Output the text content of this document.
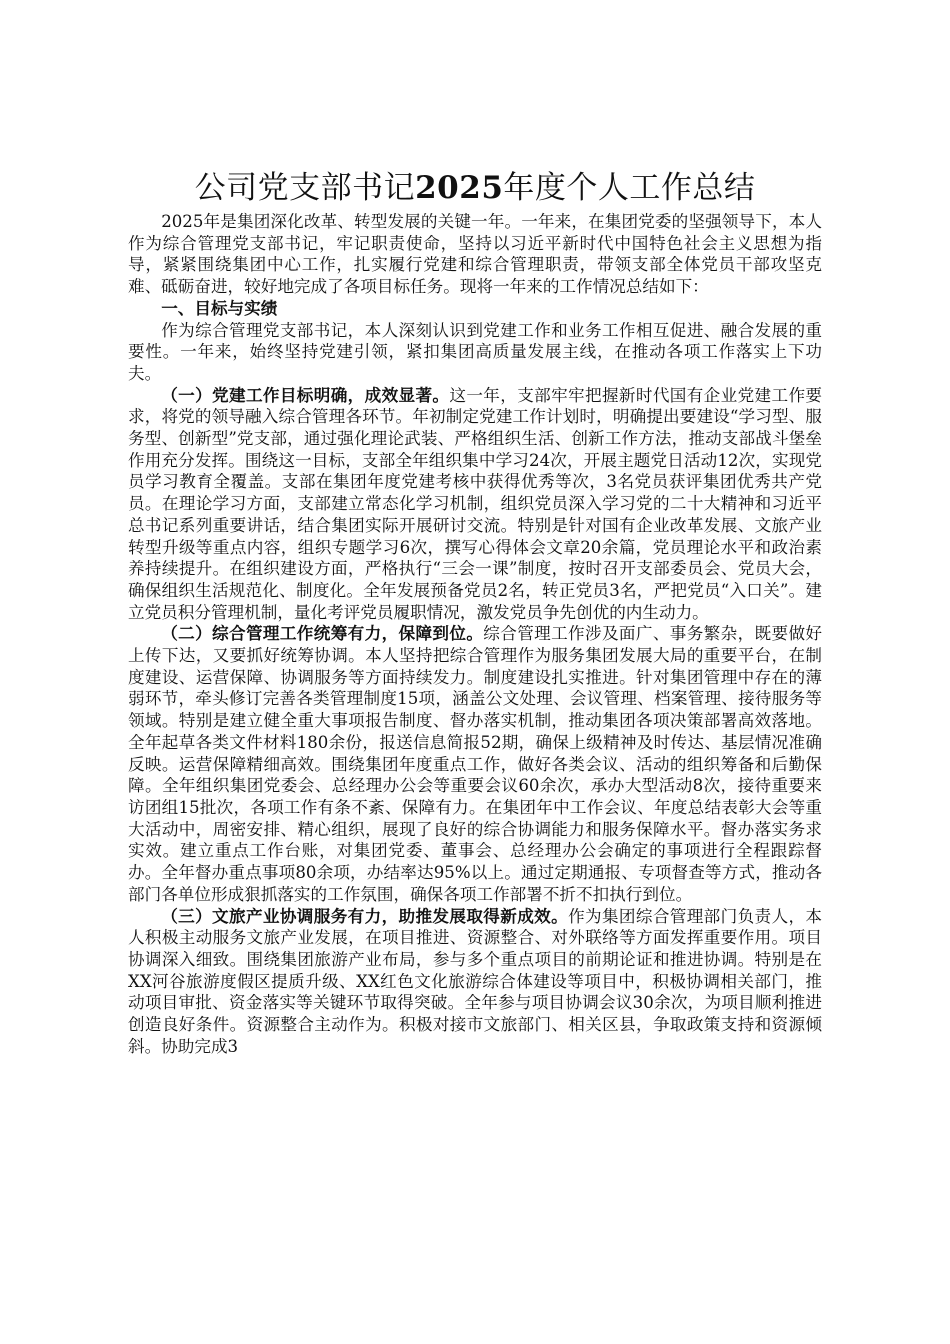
公司党支部书记2025年度个人工作总结

2025年是集团深化改革、转型发展的关键一年。一年来，在集团党委的坚强领导下，本人作为综合管理党支部书记，牢记职责使命，坚持以习近平新时代中国特色社会主义思想为指导，紧紧围绕集团中心工作，扎实履行党建和综合管理职责，带领支部全体党员干部攻坚克难、砥砺奋进，较好地完成了各项目标任务。现将一年来的工作情况总结如下：

一、目标与实绩

作为综合管理党支部书记，本人深刻认识到党建工作和业务工作相互促进、融合发展的重要性。一年来，始终坚持党建引领，紧扣集团高质量发展主线，在推动各项工作落实上下功夫。

（一）党建工作目标明确，成效显著。这一年，支部牢牢把握新时代国有企业党建工作要求，将党的领导融入综合管理各环节。年初制定党建工作计划时，明确提出要建设“学习型、服务型、创新型”党支部，通过强化理论武装、严格组织生活、创新工作方法，推动支部战斗堡垒作用充分发挥。围绕这一目标，支部全年组织集中学习24次，开展主题党日活动12次，实现党员学习教育全覆盖。支部在集团年度党建考核中获得优秀等次，3名党员获评集团优秀共产党员。在理论学习方面，支部建立常态化学习机制，组织党员深入学习党的二十大精神和习近平总书记系列重要讲话，结合集团实际开展研讨交流。特别是针对国有企业改革发展、文旅产业转型升级等重点内容，组织专题学习6次，撰写心得体会文章20余篇，党员理论水平和政治素养持续提升。在组织建设方面，严格执行“三会一课”制度，按时召开支部委员会、党员大会，确保组织生活规范化、制度化。全年发展预备党员2名，转正党员3名，严把党员“入口关”。建立党员积分管理机制，量化考评党员履职情况，激发党员争先创优的内生动力。

（二）综合管理工作统筹有力，保障到位。综合管理工作涉及面广、事务繁杂，既要做好上传下达，又要抓好统筹协调。本人坚持把综合管理作为服务集团发展大局的重要平台，在制度建设、运营保障、协调服务等方面持续发力。制度建设扎实推进。针对集团管理中存在的薄弱环节，牵头修订完善各类管理制度15项，涵盖公文处理、会议管理、档案管理、接待服务等领域。特别是建立健全重大事项报告制度、督办落实机制，推动集团各项决策部署高效落地。全年起草各类文件材料180余份，报送信息简报52期，确保上级精神及时传达、基层情况准确反映。运营保障精细高效。围绕集团年度重点工作，做好各类会议、活动的组织筹备和后勤保障。全年组织集团党委会、总经理办公会等重要会议60余次，承办大型活动8次，接待重要来访团组15批次，各项工作有条不紊、保障有力。在集团年中工作会议、年度总结表彰大会等重大活动中，周密安排、精心组织，展现了良好的综合协调能力和服务保障水平。督办落实务求实效。建立重点工作台账，对集团党委、董事会、总经理办公会确定的事项进行全程跟踪督办。全年督办重点事项80余项，办结率达95%以上。通过定期通报、专项督查等方式，推动各部门各单位形成狠抓落实的工作氛围，确保各项工作部署不折不扣执行到位。

（三）文旅产业协调服务有力，助推发展取得新成效。作为集团综合管理部门负责人，本人积极主动服务文旅产业发展，在项目推进、资源整合、对外联络等方面发挥重要作用。项目协调深入细致。围绕集团旅游产业布局，参与多个重点项目的前期论证和推进协调。特别是在XX河谷旅游度假区提质升级、XX红色文化旅游综合体建设等项目中，积极协调相关部门，推动项目审批、资金落实等关键环节取得突破。全年参与项目协调会议30余次，为项目顺利推进创造良好条件。资源整合主动作为。积极对接市文旅部门、相关区县，争取政策支持和资源倾斜。协助完成3
